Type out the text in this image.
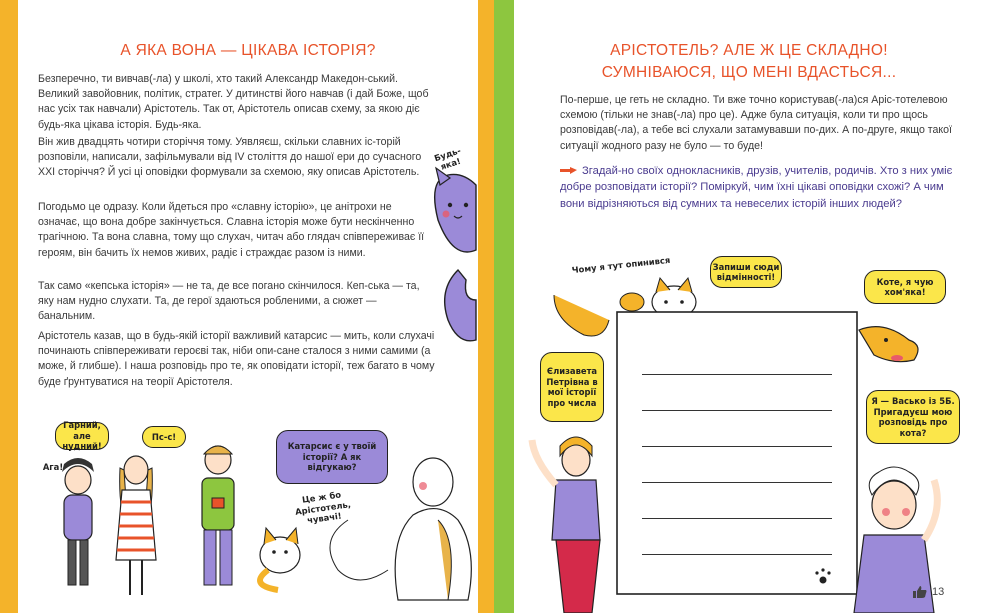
А ЯКА ВОНА — ЦІКАВА ІСТОРІЯ?
Безперечно, ти вивчав(-ла) у школі, хто такий Александр Македон-ський. Великий завойовник, політик, стратег. У дитинстві його навчав (і дай Боже, щоб нас усіх так навчали) Арістотель. Так от, Арістотель описав схему, за якою діє будь-яка цікава історія. Будь-яка.
Він жив двадцять чотири сторіччя тому. Уявляєш, скільки славних іс-торій розповіли, написали, зафільмували від IV століття до нашої ери до сучасного XXI сторіччя? Й усі ці оповідки формували за схемою, яку описав Арістотель.
Погодьмо це одразу. Коли йдеться про «славну історію», це анітрохи не означає, що вона добре закінчується. Славна історія може бути нескінченно трагічною. Та вона славна, тому що слухач, читач або глядач співпереживає її героям, він бачить їх немов живих, радіє і страждає разом із ними.
Так само «кепська історія» — не та, де все погано скінчилося. Кеп-ська — та, яку нам нудно слухати. Та, де герої здаються робленими, а сюжет — банальним.
Арістотель казав, що в будь-якій історії важливий катарсис — мить, коли слухачі починають співпереживати героєві так, ніби опи-сане сталося з ними самими (а може, й глибше). І наша розповідь про те, як оповідати історії, теж багато в чому буде ґрунтуватися на теорії Арістотеля.
Будь-яка!
Гарний, але нудний!
Ага!
Пс-с!
Катарсис є у твоїй історії? А як відгукаю?
Це ж бо Арістотель, чувачі!
АРІСТОТЕЛЬ? АЛЕ Ж ЦЕ СКЛАДНО!
СУМНІВАЮСЯ, ЩО МЕНІ ВДАСТЬСЯ...
По-перше, це геть не складно. Ти вже точно користував(-ла)ся Аріс-тотелевою схемою (тільки не знав(-ла) про це). Адже була ситуація, коли ти про щось розповідав(-ла), а тебе всі слухали затамувавши по-дих. А по-друге, якщо такої ситуації жодного разу не було — то буде!
Згадай-но своїх однокласників, друзів, учителів, родичів. Хто з них уміє добре розповідати історії? Поміркуй, чим їхні цікаві оповідки схожі? А чим вони відрізняються від сумних та невеселих історій інших людей?
Чому я тут опинився	Запиши сюди відмінності!	Коте, я чую хом'яка!
Єлизавета Петрівна в мої історії про числа	Я — Васько із 5Б. Пригадуєш мою розповідь про кота?
13
